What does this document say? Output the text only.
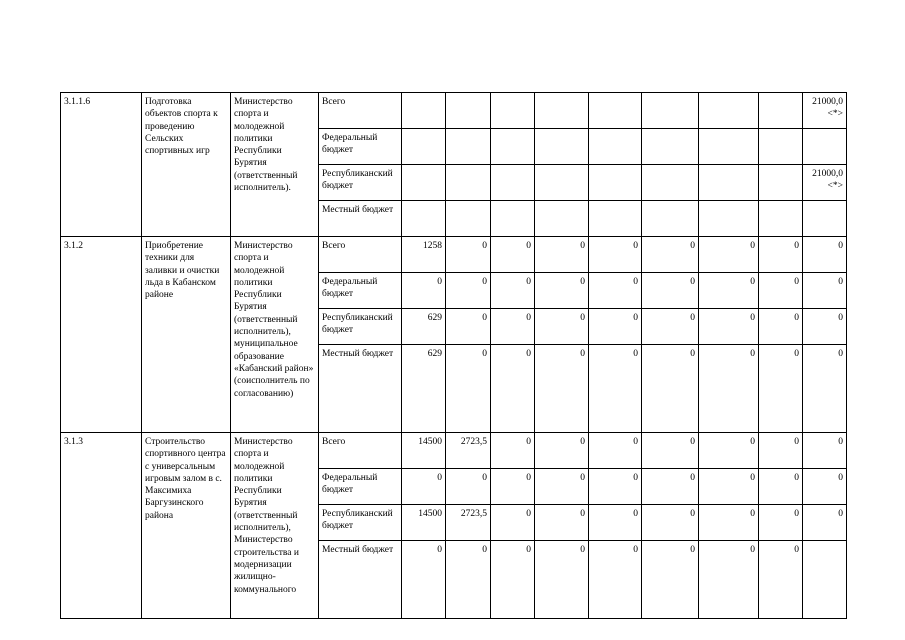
3.1.1.6	Подготовка объектов спорта к проведению Сельских спортивных игр	Министерство спорта и молодежной политики Республики Бурятия (ответственный исполнитель).	Всего									21000,0 <*>
			Федеральный бюджет									
			Республиканский бюджет									21000,0 <*>
			Местный бюджет									
3.1.2	Приобретение техники для заливки и очистки льда в Кабанском районе	Министерство спорта и молодежной политики Республики Бурятия (ответственный исполнитель), муниципальное образование «Кабанский район» (соисполнитель по согласованию)	Всего	1258	0	0	0	0	0	0	0	0
			Федеральный бюджет	0	0	0	0	0	0	0	0	0
			Республиканский бюджет	629	0	0	0	0	0	0	0	0
			Местный бюджет	629	0	0	0	0	0	0	0	0
3.1.3	Строительство спортивного центра с универсальным игровым залом в с. Максимиха Баргузинского района	Министерство спорта и молодежной политики Республики Бурятия (ответственный исполнитель), Министерство строительства и модернизации жилищно-коммунального	Всего	14500	2723,5	0	0	0	0	0	0	0
			Федеральный бюджет	0	0	0	0	0	0	0	0	0
			Республиканский бюджет	14500	2723,5	0	0	0	0	0	0	0
			Местный бюджет	0	0	0	0	0	0	0	0	
